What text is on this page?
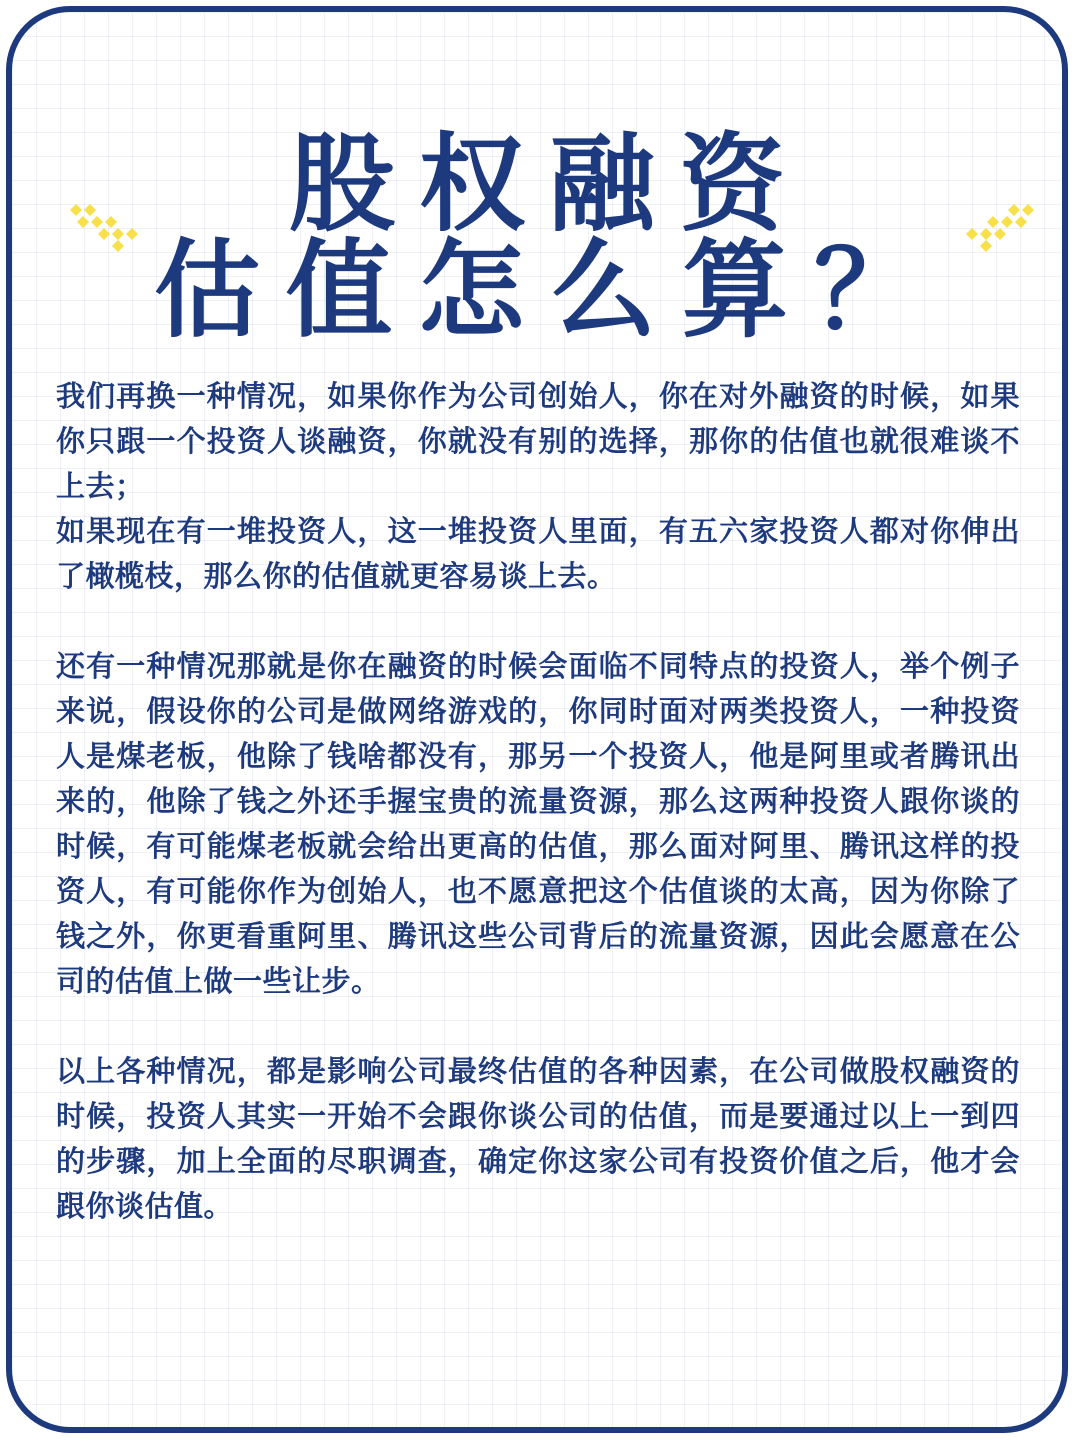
股权融资
估值怎么算？

我们再换一种情况，如果你作为公司创始人，你在对外融资的时候，如果你只跟一个投资人谈融资，你就没有别的选择，那你的估值也就很难谈不上去；

如果现在有一堆投资人，这一堆投资人里面，有五六家投资人都对你伸出了橄榄枝，那么你的估值就更容易谈上去。

还有一种情况那就是你在融资的时候会面临不同特点的投资人，举个例子来说，假设你的公司是做网络游戏的，你同时面对两类投资人，一种投资人是煤老板，他除了钱啥都没有，那另一个投资人，他是阿里或者腾讯出来的，他除了钱之外还手握宝贵的流量资源，那么这两种投资人跟你谈的时候，有可能煤老板就会给出更高的估值，那么面对阿里、腾讯这样的投资人，有可能你作为创始人，也不愿意把这个估值谈的太高，因为你除了钱之外，你更看重阿里、腾讯这些公司背后的流量资源，因此会愿意在公司的估值上做一些让步。

以上各种情况，都是影响公司最终估值的各种因素，在公司做股权融资的时候，投资人其实一开始不会跟你谈公司的估值，而是要通过以上一到四的步骤，加上全面的尽职调查，确定你这家公司有投资价值之后，他才会跟你谈估值。
